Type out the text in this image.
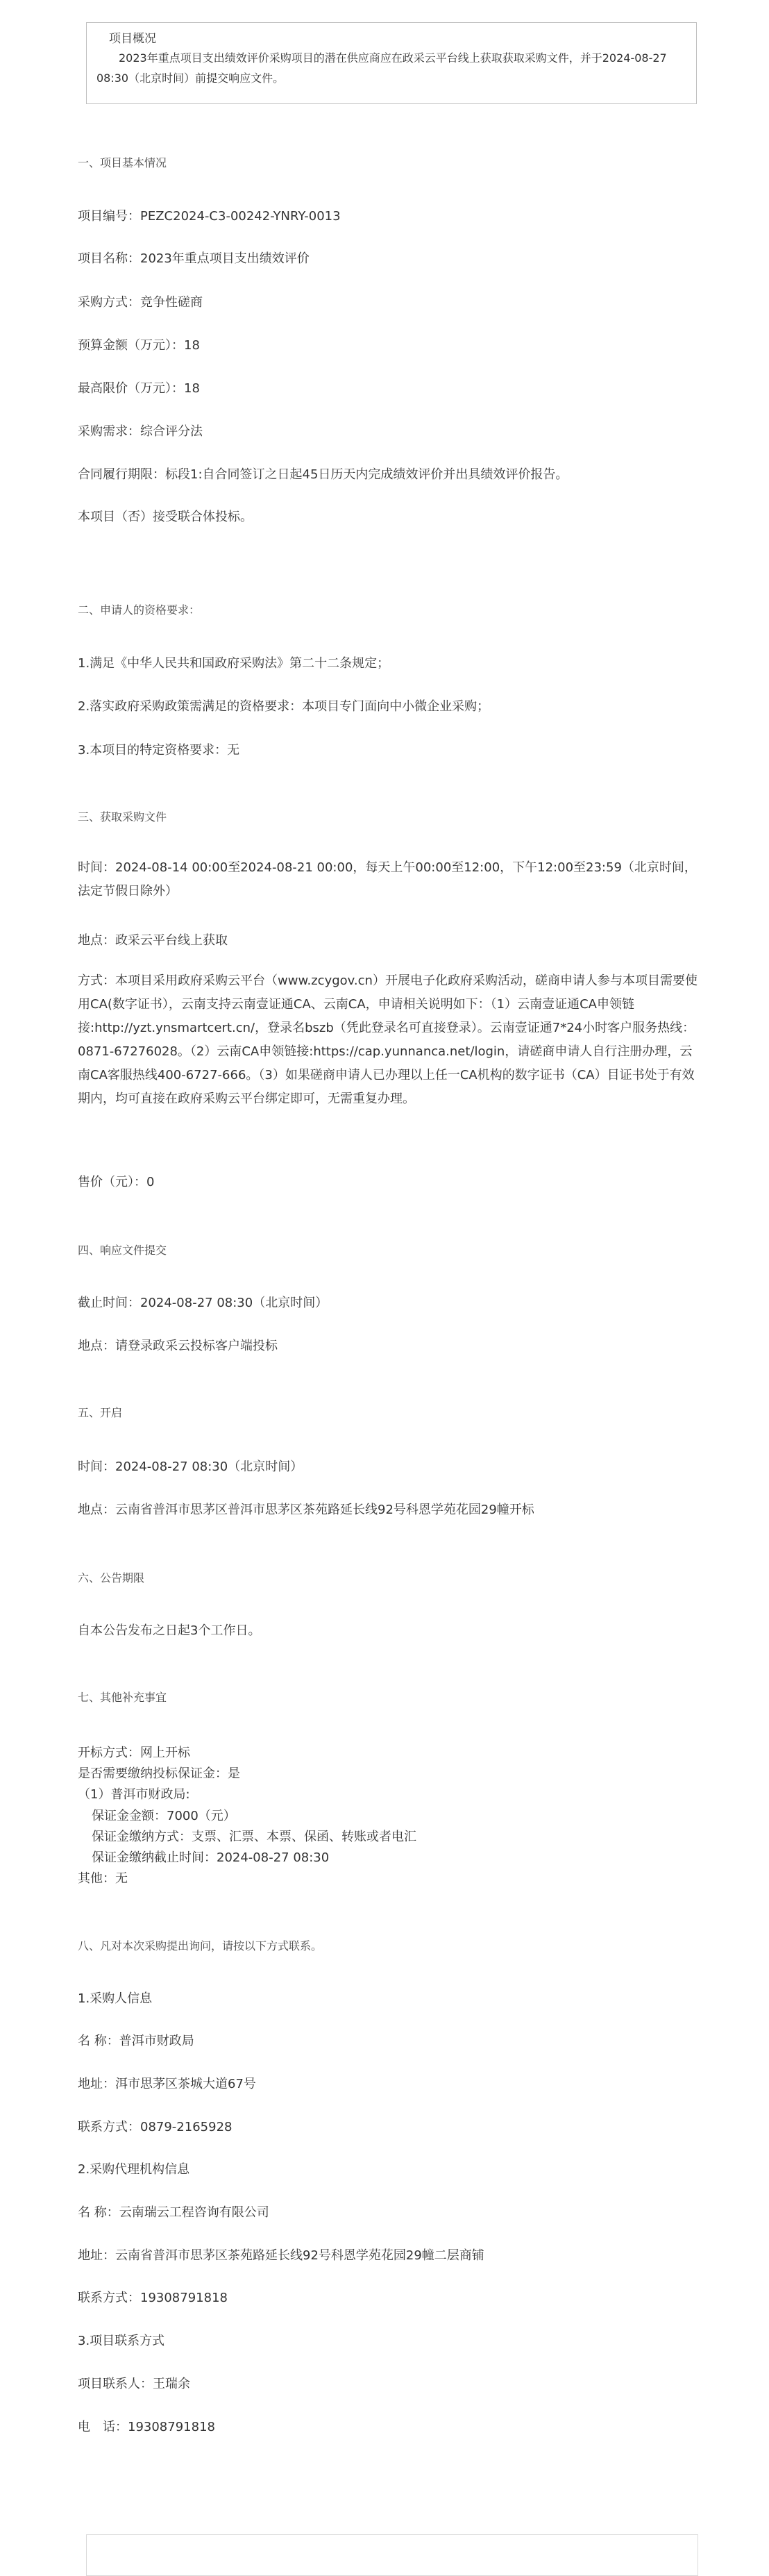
项目概况
2023年重点项目支出绩效评价采购项目的潜在供应商应在政采云平台线上获取获取采购文件，并于2024-08-27 08:30（北京时间）前提交响应文件。
一、项目基本情况
项目编号：PEZC2024-C3-00242-YNRY-0013
项目名称：2023年重点项目支出绩效评价
采购方式：竞争性磋商
预算金额（万元）：18
最高限价（万元）：18
采购需求：综合评分法
合同履行期限：标段1:自合同签订之日起45日历天内完成绩效评价并出具绩效评价报告。
本项目（否）接受联合体投标。
二、申请人的资格要求：
1.满足《中华人民共和国政府采购法》第二十二条规定；
2.落实政府采购政策需满足的资格要求：本项目专门面向中小微企业采购；
3.本项目的特定资格要求：无
三、获取采购文件
时间：2024-08-14 00:00至2024-08-21 00:00，每天上午00:00至12:00，下午12:00至23:59（北京时间，法定节假日除外）
地点：政采云平台线上获取
方式：本项目采用政府采购云平台（www.zcygov.cn）开展电子化政府采购活动，磋商申请人参与本项目需要使用CA(数字证书），云南支持云南壹证通CA、云南CA，申请相关说明如下：（1）云南壹证通CA申领链接:http://yzt.ynsmartcert.cn/，登录名bszb（凭此登录名可直接登录）。云南壹证通7*24小时客户服务热线：0871-67276028。（2）云南CA申领链接:https://cap.yunnanca.net/login，请磋商申请人自行注册办理，云南CA客服热线400-6727-666。（3）如果磋商申请人已办理以上任一CA机构的数字证书（CA）目证书处于有效期内，均可直接在政府采购云平台绑定即可，无需重复办理。
售价（元）：0
四、响应文件提交
截止时间：2024-08-27 08:30（北京时间）
地点：请登录政采云投标客户端投标
五、开启
时间：2024-08-27 08:30（北京时间）
地点：云南省普洱市思茅区普洱市思茅区茶苑路延长线92号科恩学苑花园29幢开标
六、公告期限
自本公告发布之日起3个工作日。
七、其他补充事宜
开标方式：网上开标
是否需要缴纳投标保证金：是
（1）普洱市财政局:
保证金金额：7000（元）
保证金缴纳方式：支票、汇票、本票、保函、转账或者电汇
保证金缴纳截止时间：2024-08-27 08:30
其他：无
八、凡对本次采购提出询问，请按以下方式联系。
1.采购人信息
名 称：普洱市财政局
地址：洱市思茅区茶城大道67号
联系方式：0879-2165928
2.采购代理机构信息
名 称：云南瑞云工程咨询有限公司
地址：云南省普洱市思茅区茶苑路延长线92号科恩学苑花园29幢二层商铺
联系方式：19308791818
3.项目联系方式
项目联系人：王瑞余
电　话：19308791818
